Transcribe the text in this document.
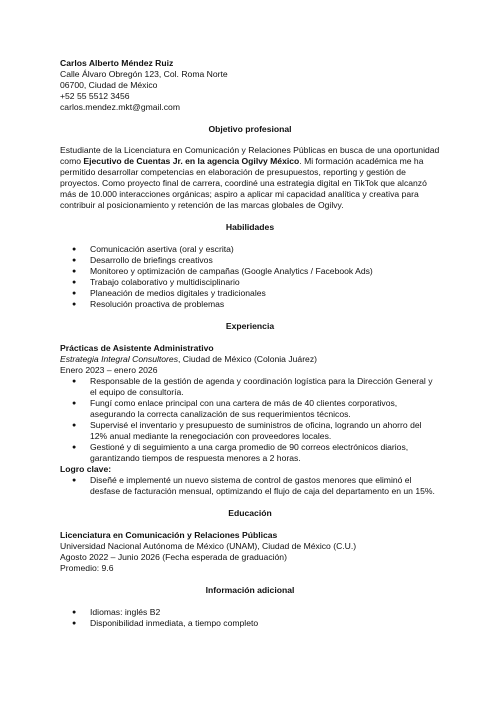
Carlos Alberto Méndez Ruiz
Calle Álvaro Obregón 123, Col. Roma Norte
06700, Ciudad de México
+52 55 5512 3456
carlos.mendez.mkt@gmail.com
Objetivo profesional

Estudiante de la Licenciatura en Comunicación y Relaciones Públicas en busca de una oportunidad como Ejecutivo de Cuentas Jr. en la agencia Ogilvy México. Mi formación académica me ha permitido desarrollar competencias en elaboración de presupuestos, reporting y gestión de proyectos. Como proyecto final de carrera, coordiné una estrategia digital en TikTok que alcanzó más de 10.000 interacciones orgánicas; aspiro a aplicar mi capacidad analítica y creativa para contribuir al posicionamiento y retención de las marcas globales de Ogilvy.

Habilidades
● Comunicación asertiva (oral y escrita)
● Desarrollo de briefings creativos
● Monitoreo y optimización de campañas (Google Analytics / Facebook Ads)
● Trabajo colaborativo y multidisciplinario
● Planeación de medios digitales y tradicionales
● Resolución proactiva de problemas
Experiencia
Prácticas de Asistente Administrativo
Estrategia Integral Consultores, Ciudad de México (Colonia Juárez)
Enero 2023 – enero 2026
● Responsable de la gestión de agenda y coordinación logística para la Dirección General y el equipo de consultoría.
● Fungí como enlace principal con una cartera de más de 40 clientes corporativos, asegurando la correcta canalización de sus requerimientos técnicos.
● Supervisé el inventario y presupuesto de suministros de oficina, logrando un ahorro del 12% anual mediante la renegociación con proveedores locales.
● Gestioné y di seguimiento a una carga promedio de 90 correos electrónicos diarios, garantizando tiempos de respuesta menores a 2 horas.
Logro clave:
● Diseñé e implementé un nuevo sistema de control de gastos menores que eliminó el desfase de facturación mensual, optimizando el flujo de caja del departamento en un 15%.
Educación
Licenciatura en Comunicación y Relaciones Públicas
Universidad Nacional Autónoma de México (UNAM), Ciudad de México (C.U.)
Agosto 2022 – Junio 2026 (Fecha esperada de graduación)
Promedio: 9.6
Información adicional
● Idiomas: inglés B2
● Disponibilidad inmediata, a tiempo completo
